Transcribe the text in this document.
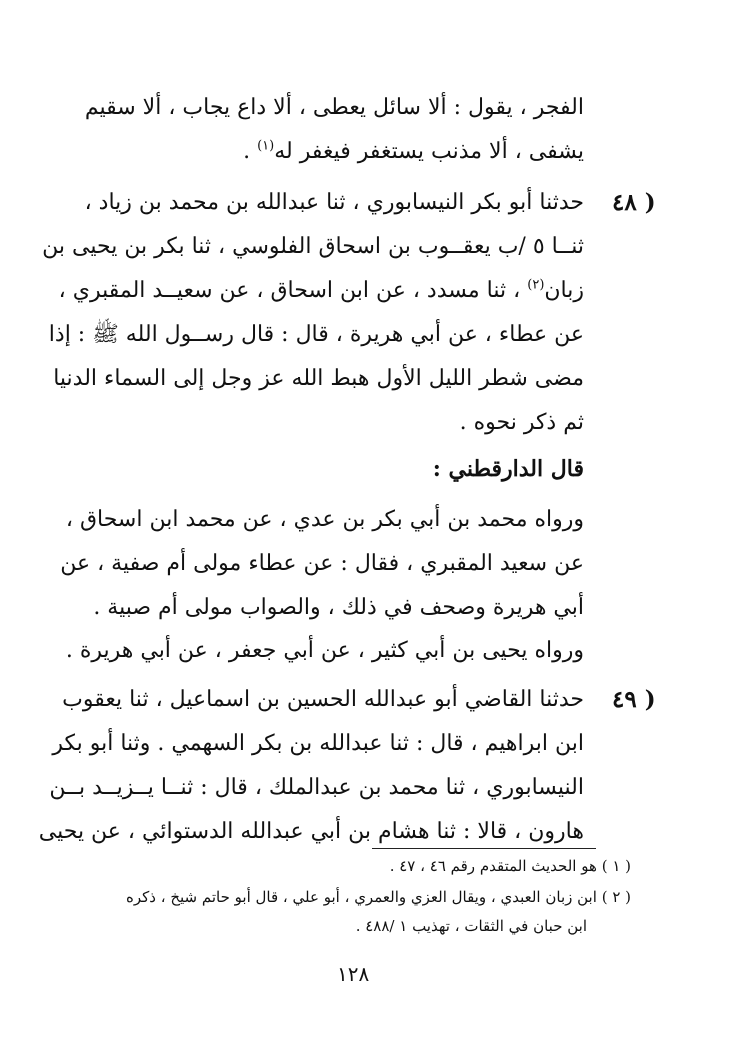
الفجر ، يقول : ألا سائل يعطى ، ألا داع يجاب ، ألا سقيم
يشفى ، ألا مذنب يستغفر فيغفر له$^{(١)}$ .
٤٨ )
حدثنا أبو بكر النيسابوري ، ثنا عبدالله بن محمد بن زياد ،
ثنــا ٥ /ب يعقــوب بن اسحاق الفلوسي ، ثنا بكر بن يحيى بن
زبان$^{(٢)}$ ، ثنا مسدد ، عن ابن اسحاق ، عن سعيــد المقبري ،
عن عطاء ، عن أبي هريرة ، قال : قال رســول الله ﷺ : إذا
مضى شطر الليل الأول هبط الله عز وجل إلى السماء الدنيا
ثم ذكر نحوه .
قال الدارقطني :
ورواه محمد بن أبي بكر بن عدي ، عن محمد ابن اسحاق ،
عن سعيد المقبري ، فقال : عن عطاء مولى أم صفية ، عن
أبي هريرة وصحف في ذلك ، والصواب مولى أم صبية .
ورواه يحيى بن أبي كثير ، عن أبي جعفر ، عن أبي هريرة .
٤٩ )
حدثنا القاضي أبو عبدالله الحسين بن اسماعيل ، ثنا يعقوب
ابن ابراهيم ، قال : ثنا عبدالله بن بكر السهمي . وثنا أبو بكر
النيسابوري ، ثنا محمد بن عبدالملك ، قال : ثنــا يــزيــد بــن
هارون ، قالا : ثنا هشام بن أبي عبدالله الدستوائي ، عن يحيى
( ١ ) هو الحديث المتقدم رقم ٤٦ ، ٤٧ .
( ٢ ) ابن زبان العبدي ، ويقال العزي والعمري ، أبو علي ، قال أبو حاتم شيخ ، ذكره
ابن حبان في الثقات ، تهذيب ١ /٤٨٨ .
١٢٨
